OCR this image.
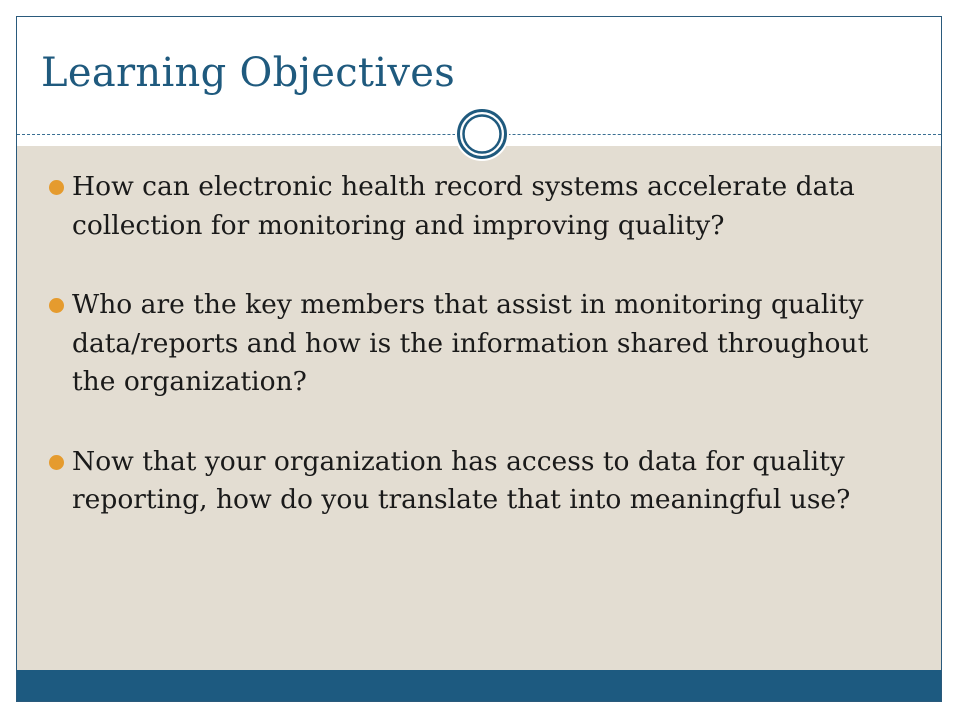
Learning Objectives
How can electronic health record systems accelerate data collection for monitoring and improving quality?
Who are the key members that assist in monitoring quality data/reports and how is the information shared throughout the organization?
Now that your organization has access to data for quality reporting, how do you translate that into meaningful use?
